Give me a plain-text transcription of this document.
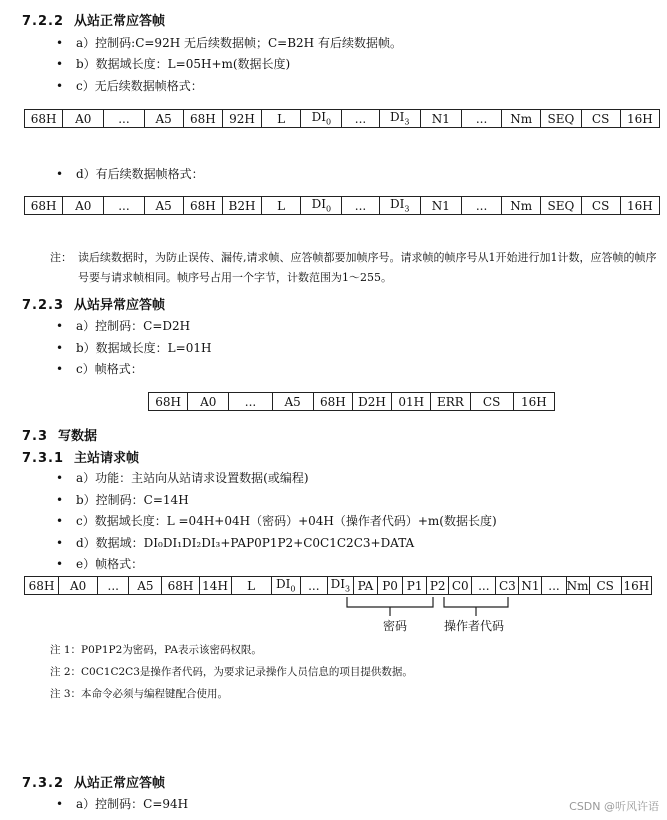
7.2.2 从站正常应答帧
• a）控制码:C=92H 无后续数据帧；C=B2H 有后续数据帧。
• b）数据域长度：L=05H+m(数据长度)
• c）无后续数据帧格式：
68H	A0	...	A5	68H	92H	L	$DI_0$	...	$DI_3$	N1	...	Nm	SEQ	CS	16H
• d）有后续数据帧格式：
68H	A0	...	A5	68H	B2H	L	$DI_0$	...	$DI_3$	N1	...	Nm	SEQ	CS	16H
注： 读后续数据时，为防止误传、漏传,请求帧、应答帧都要加帧序号。请求帧的帧序号从1开始进行加1计数，应答帧的帧序号要与请求帧相同。帧序号占用一个字节，计数范围为1～255。
7.2.3 从站异常应答帧
• a）控制码：C=D2H
• b）数据域长度：L=01H
• c）帧格式：
68H	A0	...	A5	68H	D2H	01H	ERR	CS	16H
7.3 写数据
7.3.1 主站请求帧
• a）功能：主站向从站请求设置数据(或编程)
• b）控制码：C=14H
• c）数据域长度：L =04H+04H（密码）+04H（操作者代码）+m(数据长度)
• d）数据域：DI₀DI₁DI₂DI₃+PAP0P1P2+C0C1C2C3+DATA
• e）帧格式：
68H	A0	...	A5	68H	14H	L	$DI_0$	...	$DI_3$	PA	P0	P1	P2	C0	...	C3	N1	...	Nm	CS	16H
密码	操作者代码
注 1：P0P1P2为密码，PA表示该密码权限。
注 2：C0C1C2C3是操作者代码，为要求记录操作人员信息的项目提供数据。
注 3：本命令必须与编程键配合使用。
7.3.2 从站正常应答帧
• a）控制码：C=94H	CSDN @听风许语
